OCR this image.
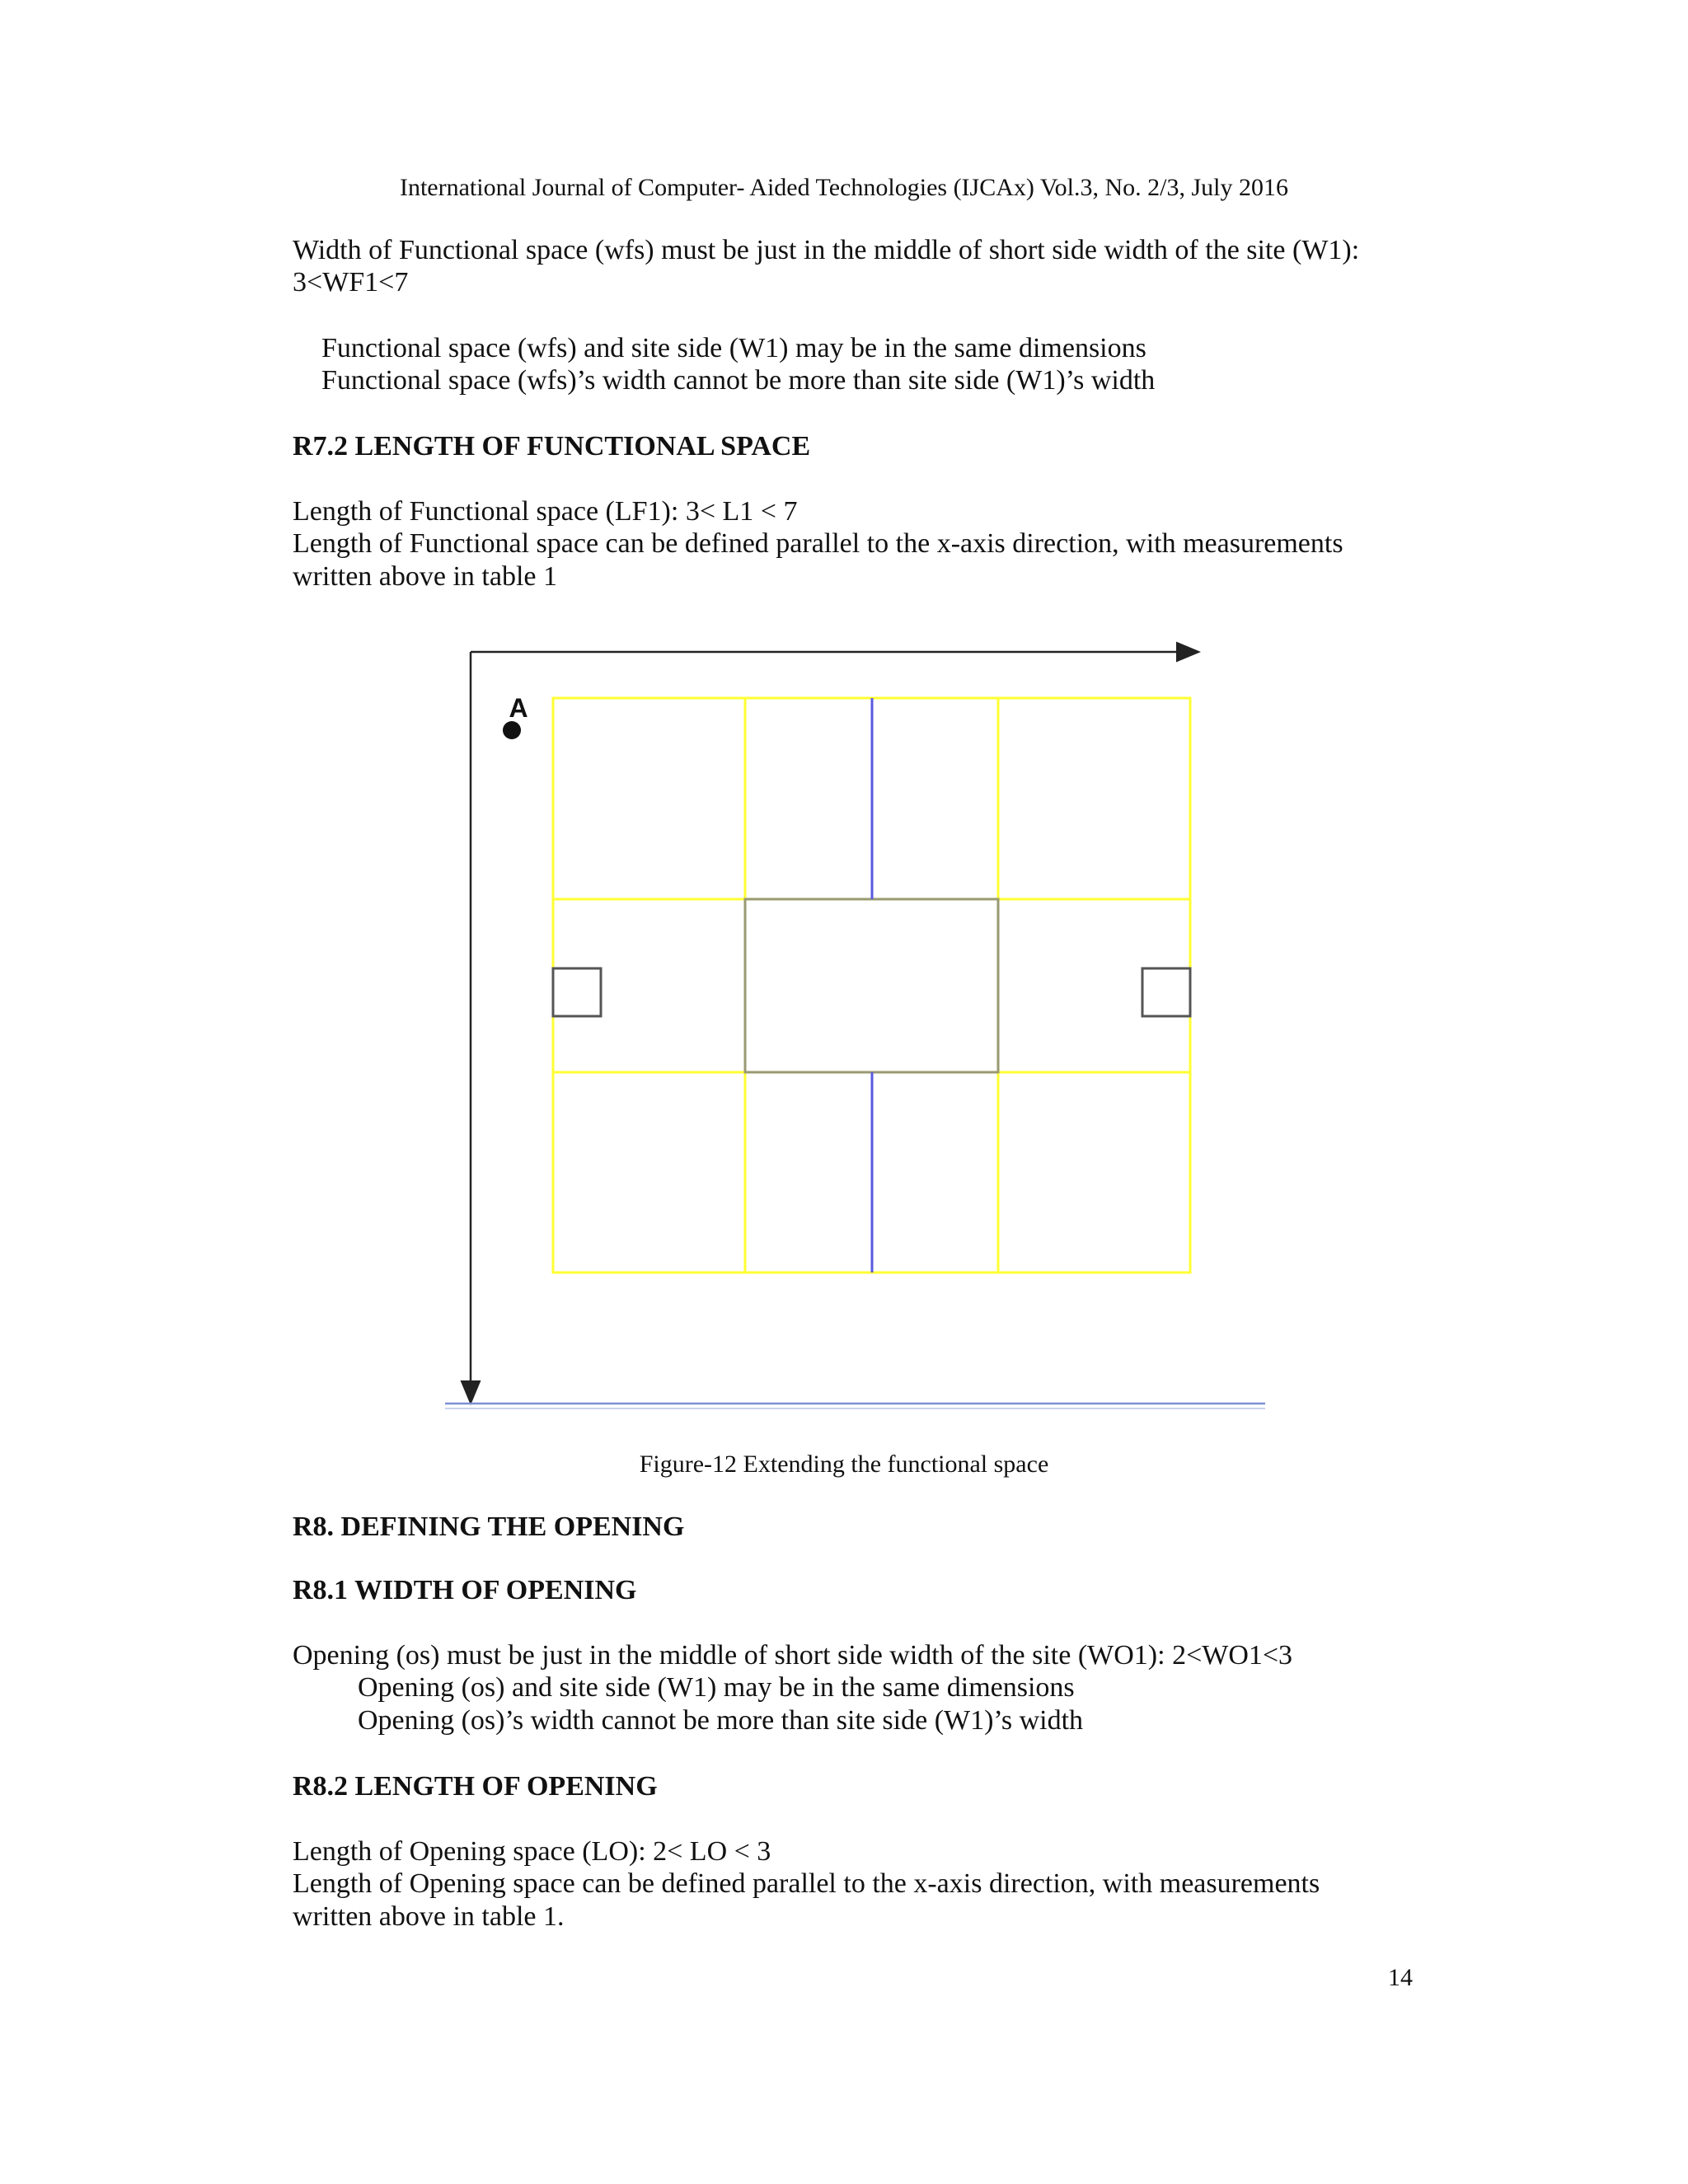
International Journal of Computer- Aided Technologies (IJCAx) Vol.3, No. 2/3, July 2016
Width of Functional space (wfs) must be just in the middle of short side width of the site (W1):
3<WF1<7
Functional space (wfs) and site side (W1) may be in the same dimensions
Functional space (wfs)’s width cannot be more than site side (W1)’s width
R7.2 LENGTH OF FUNCTIONAL SPACE
Length of Functional space (LF1): 3< L1 < 7
Length of Functional space can be defined parallel to the x-axis direction, with measurements
written above in table 1
A
Figure-12 Extending the functional space
R8. DEFINING THE OPENING
R8.1 WIDTH OF OPENING
Opening (os) must be just in the middle of short side width of the site (WO1): 2<WO1<3
Opening (os) and site side (W1) may be in the same dimensions
Opening (os)’s width cannot be more than site side (W1)’s width
R8.2 LENGTH OF OPENING
Length of Opening space (LO): 2< LO < 3
Length of Opening space can be defined parallel to the x-axis direction, with measurements
written above in table 1.
14
